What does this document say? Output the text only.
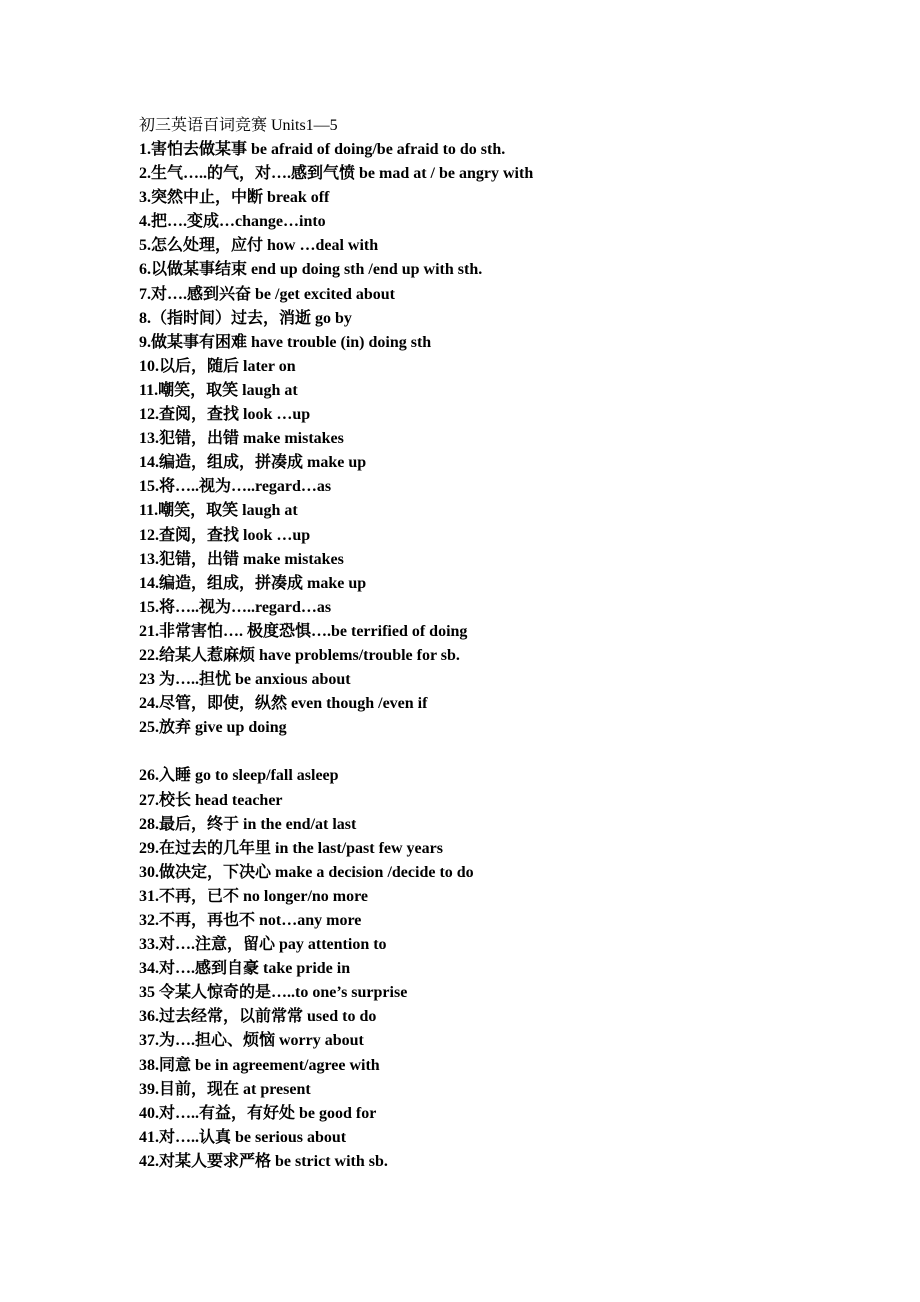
初三英语百词竞赛 Units1—5
1.害怕去做某事 be afraid of doing/be afraid to do sth.
2.生气…..的气，对….感到气愤 be mad at / be angry with
3.突然中止，中断 break off
4.把….变成…change…into
5.怎么处理，应付 how …deal with
6.以做某事结束 end up doing sth /end up with sth.
7.对….感到兴奋 be /get excited about
8.（指时间）过去，消逝 go by
9.做某事有困难 have trouble (in) doing sth
10.以后，随后 later on
11.嘲笑，取笑 laugh at
12.查阅，查找 look …up
13.犯错，出错 make mistakes
14.编造，组成，拼凑成 make up
15.将…..视为…..regard…as
11.嘲笑，取笑 laugh at
12.查阅，查找 look …up
13.犯错，出错 make mistakes
14.编造，组成，拼凑成 make up
15.将…..视为…..regard…as
21.非常害怕…. 极度恐惧….be terrified of doing
22.给某人惹麻烦 have problems/trouble for sb.
23 为…..担忧 be anxious about
24.尽管，即使，纵然 even though /even if
25.放弃 give up doing
26.入睡 go to sleep/fall asleep
27.校长 head teacher
28.最后，终于 in the end/at last
29.在过去的几年里 in the last/past few years
30.做决定，下决心 make a decision /decide to do
31.不再，已不 no longer/no more
32.不再，再也不 not…any more
33.对….注意，留心 pay attention to
34.对….感到自豪 take pride in
35 令某人惊奇的是…..to one’s surprise
36.过去经常，以前常常 used to do
37.为….担心、烦恼 worry about
38.同意 be in agreement/agree with
39.目前，现在 at present
40.对…..有益，有好处 be good for
41.对…..认真 be serious about
42.对某人要求严格 be strict with sb.
